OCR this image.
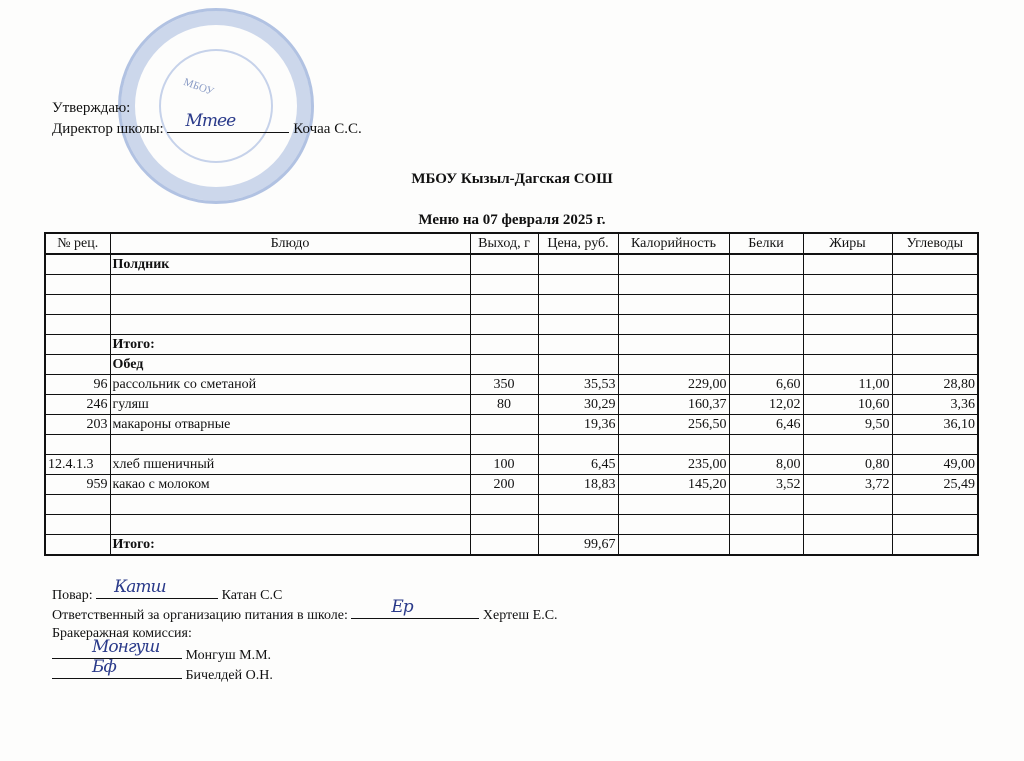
МБОУ
Утверждаю:
Директор школы: Mmee	Кочаа С.С.
МБОУ Кызыл-Дагская СОШ
Меню на 07 февраля 2025 г.
№ рец.	Блюдо	Выход, г	Цена, руб.	Калорийность	Белки	Жиры	Углеводы
	Полдник						

	Итого:						
	Обед						
96	рассольник со сметаной	350	35,53	229,00	6,60	11,00	28,80
246	гуляш	80	30,29	160,37	12,02	10,60	3,36
203	макароны отварные		19,36	256,50	6,46	9,50	36,10

12.4.1.3	хлеб пшеничный	100	6,45	235,00	8,00	0,80	49,00
959	какао с молоком	200	18,83	145,20	3,52	3,72	25,49

	Итого:		99,67				
Повар: Катш	Катан С.С
Ответственный за организацию питания в школе:	Ер	Хертеш Е.С.
Бракеражная комиссия:
Монгуш Монгуш М.М.
Бф	Бичелдей О.Н.
